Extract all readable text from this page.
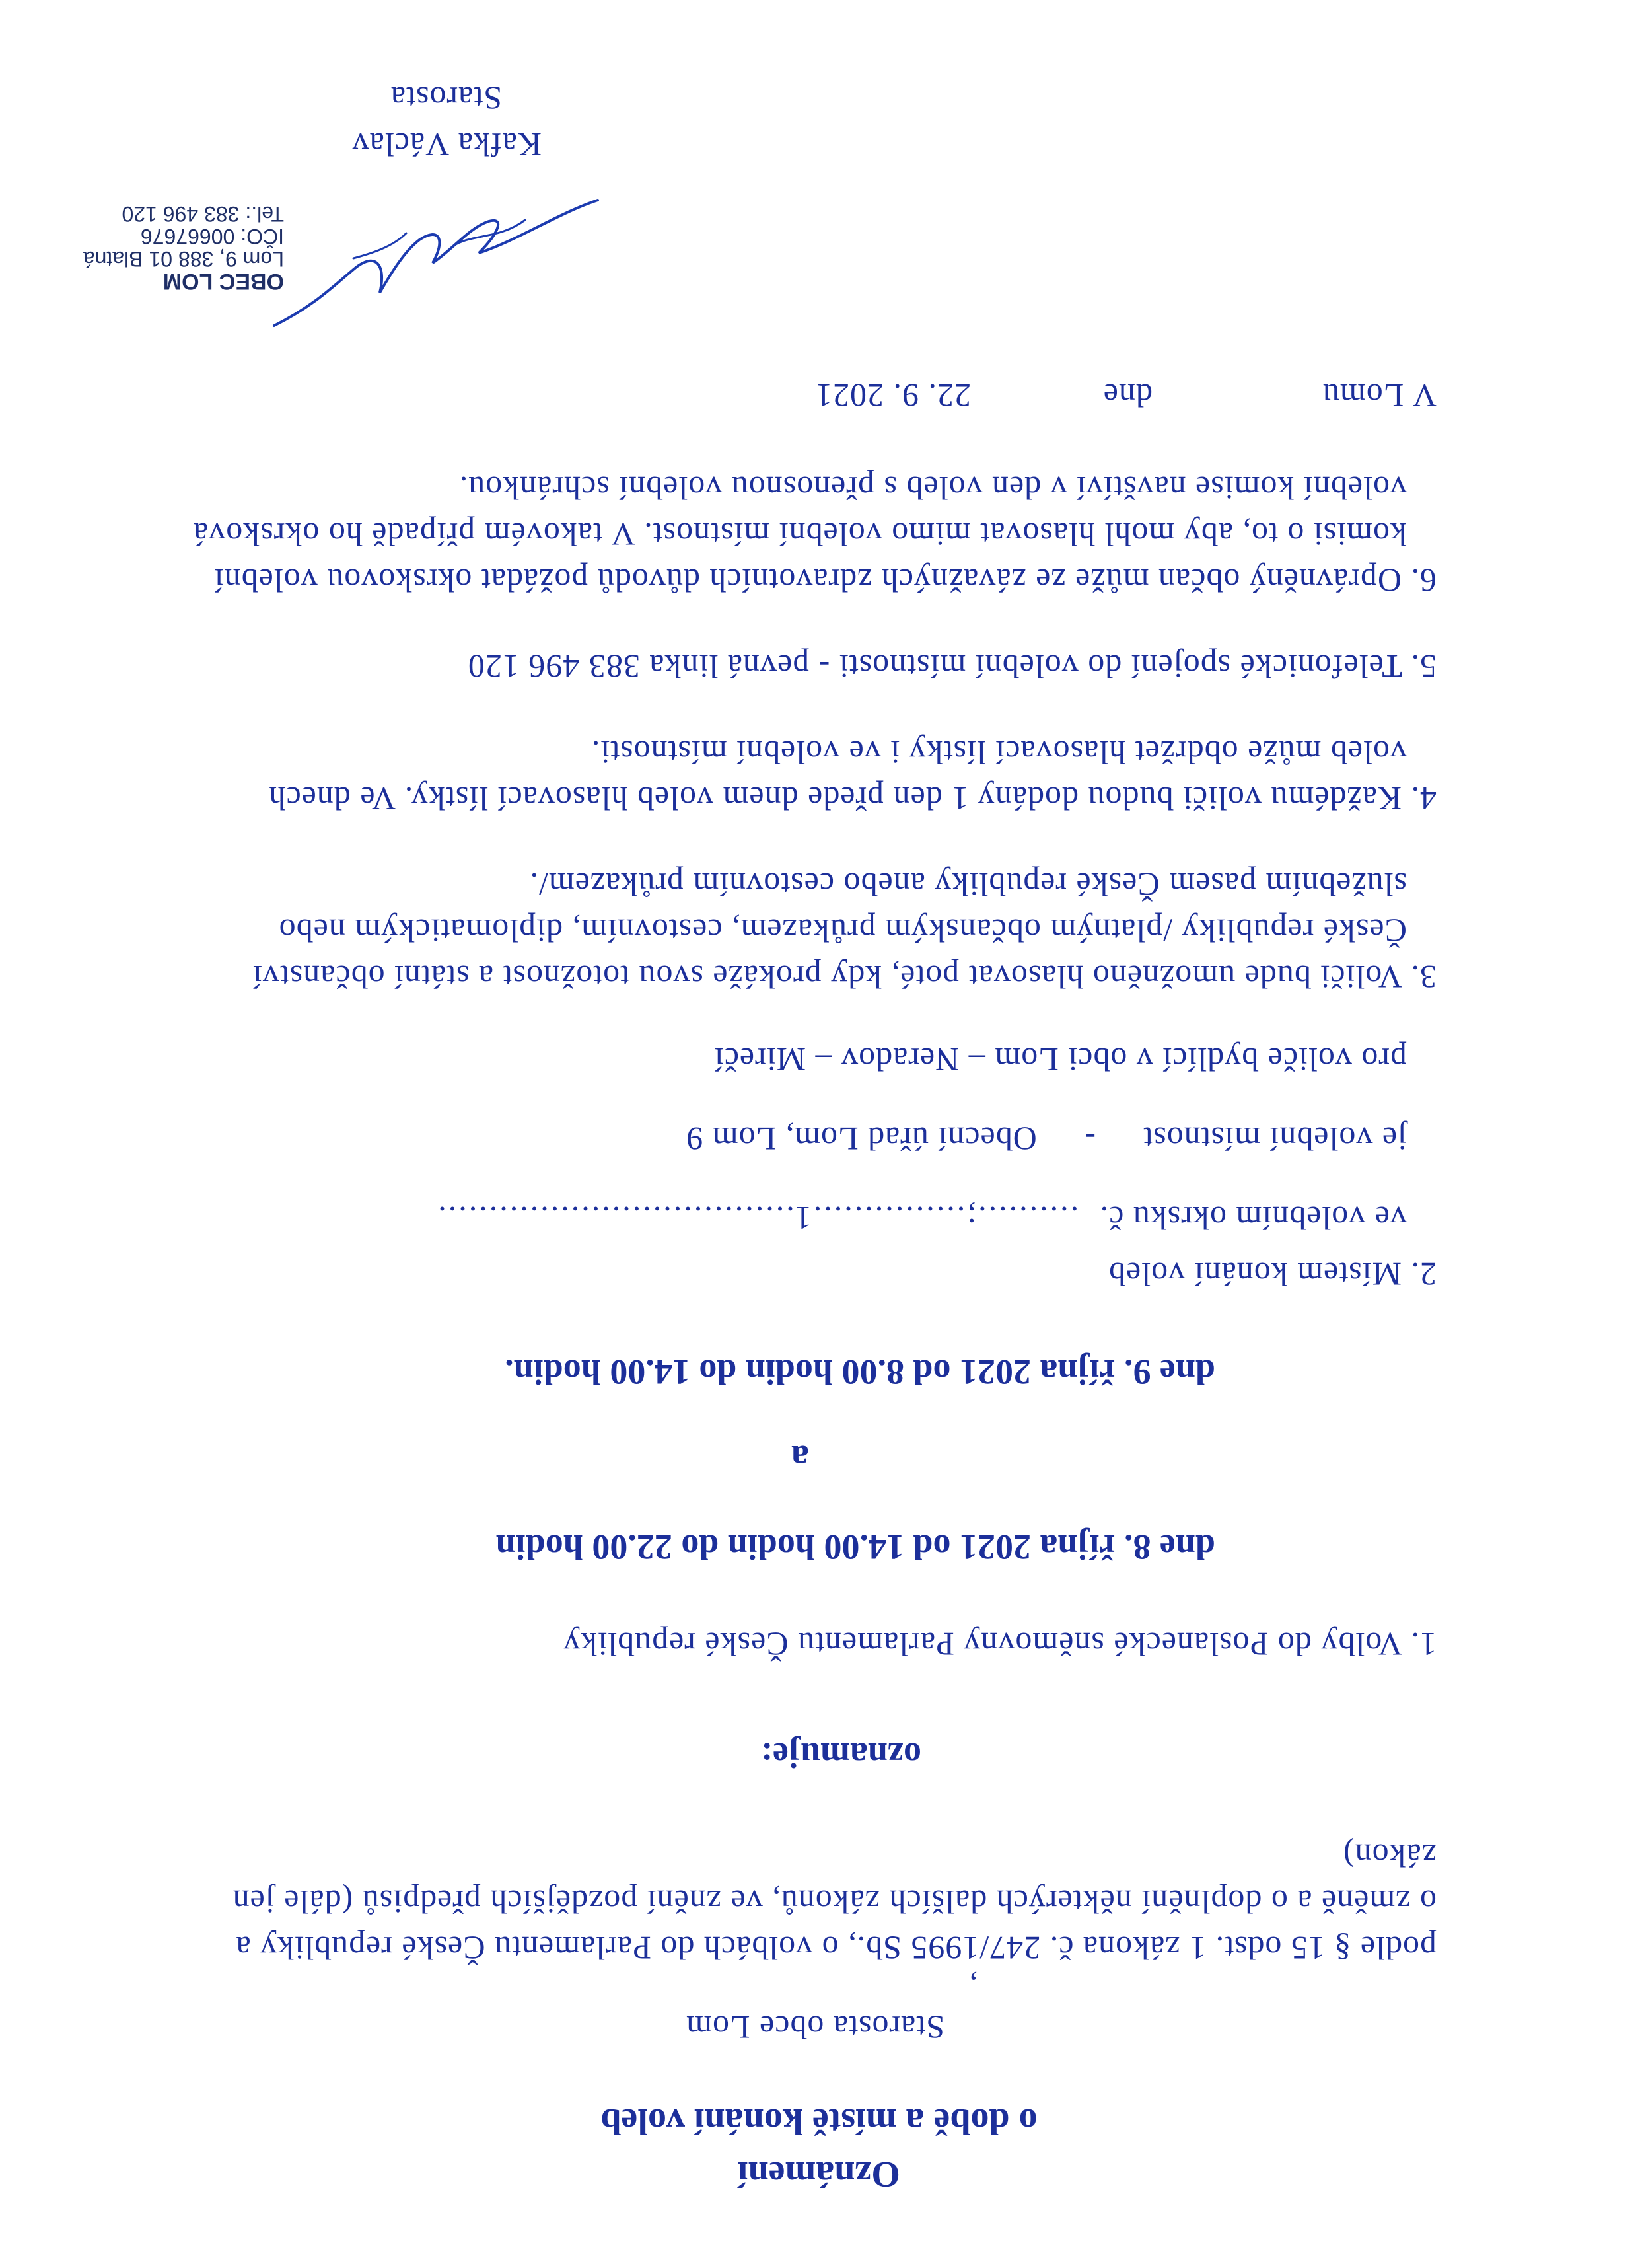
Oznámení
o době a místě konání voleb
Starosta obce Lom
,
podle § 15 odst. 1 zákona č. 247/1995 Sb., o volbách do Parlamentu České republiky a
o změně a o doplnění některých dalších zákonů, ve znění pozdějších předpisů (dále jen
zákon)
oznamuje:
1. Volby do Poslanecké sněmovny Parlamentu České republiky
dne 8. října 2021 od 14.00 hodin do 22.00 hodin
a
dne 9. října 2021 od 8.00 hodin do 14.00 hodin.
2. Místem konání voleb
ve volebním okrsku č. ..........;...............1...................................
je volební místnost - Obecní úřad Lom, Lom 9
pro voliče bydlící v obci Lom – Neradov – Mirečí
3. Voliči bude umožněno hlasovat poté, kdy prokáže svou totožnost a státní občanství
České republiky /platným občanským průkazem, cestovním, diplomatickým nebo
služebním pasem České republiky anebo cestovním průkazem/.
4. Každému voliči budou dodány 1 den přede dnem voleb hlasovací lístky. Ve dnech
voleb může obdržet hlasovací lístky i ve volební místnosti.
5. Telefonické spojení do volební místnosti - pevná linka 383 496 120
6. Oprávněný občan může ze závažných zdravotních důvodů požádat okrskovou volební
komisi o to, aby mohl hlasovat mimo volební místnost. V takovém případě ho okrsková
volební komise navštíví v den voleb s přenosnou volební schránkou.
V Lomu
dne
22. 9. 2021
OBEC LOM
Lom 9, 388 01 Blatná
IČO: 00667676
Tel.: 383 496 120
Kafka Václav
Starosta
